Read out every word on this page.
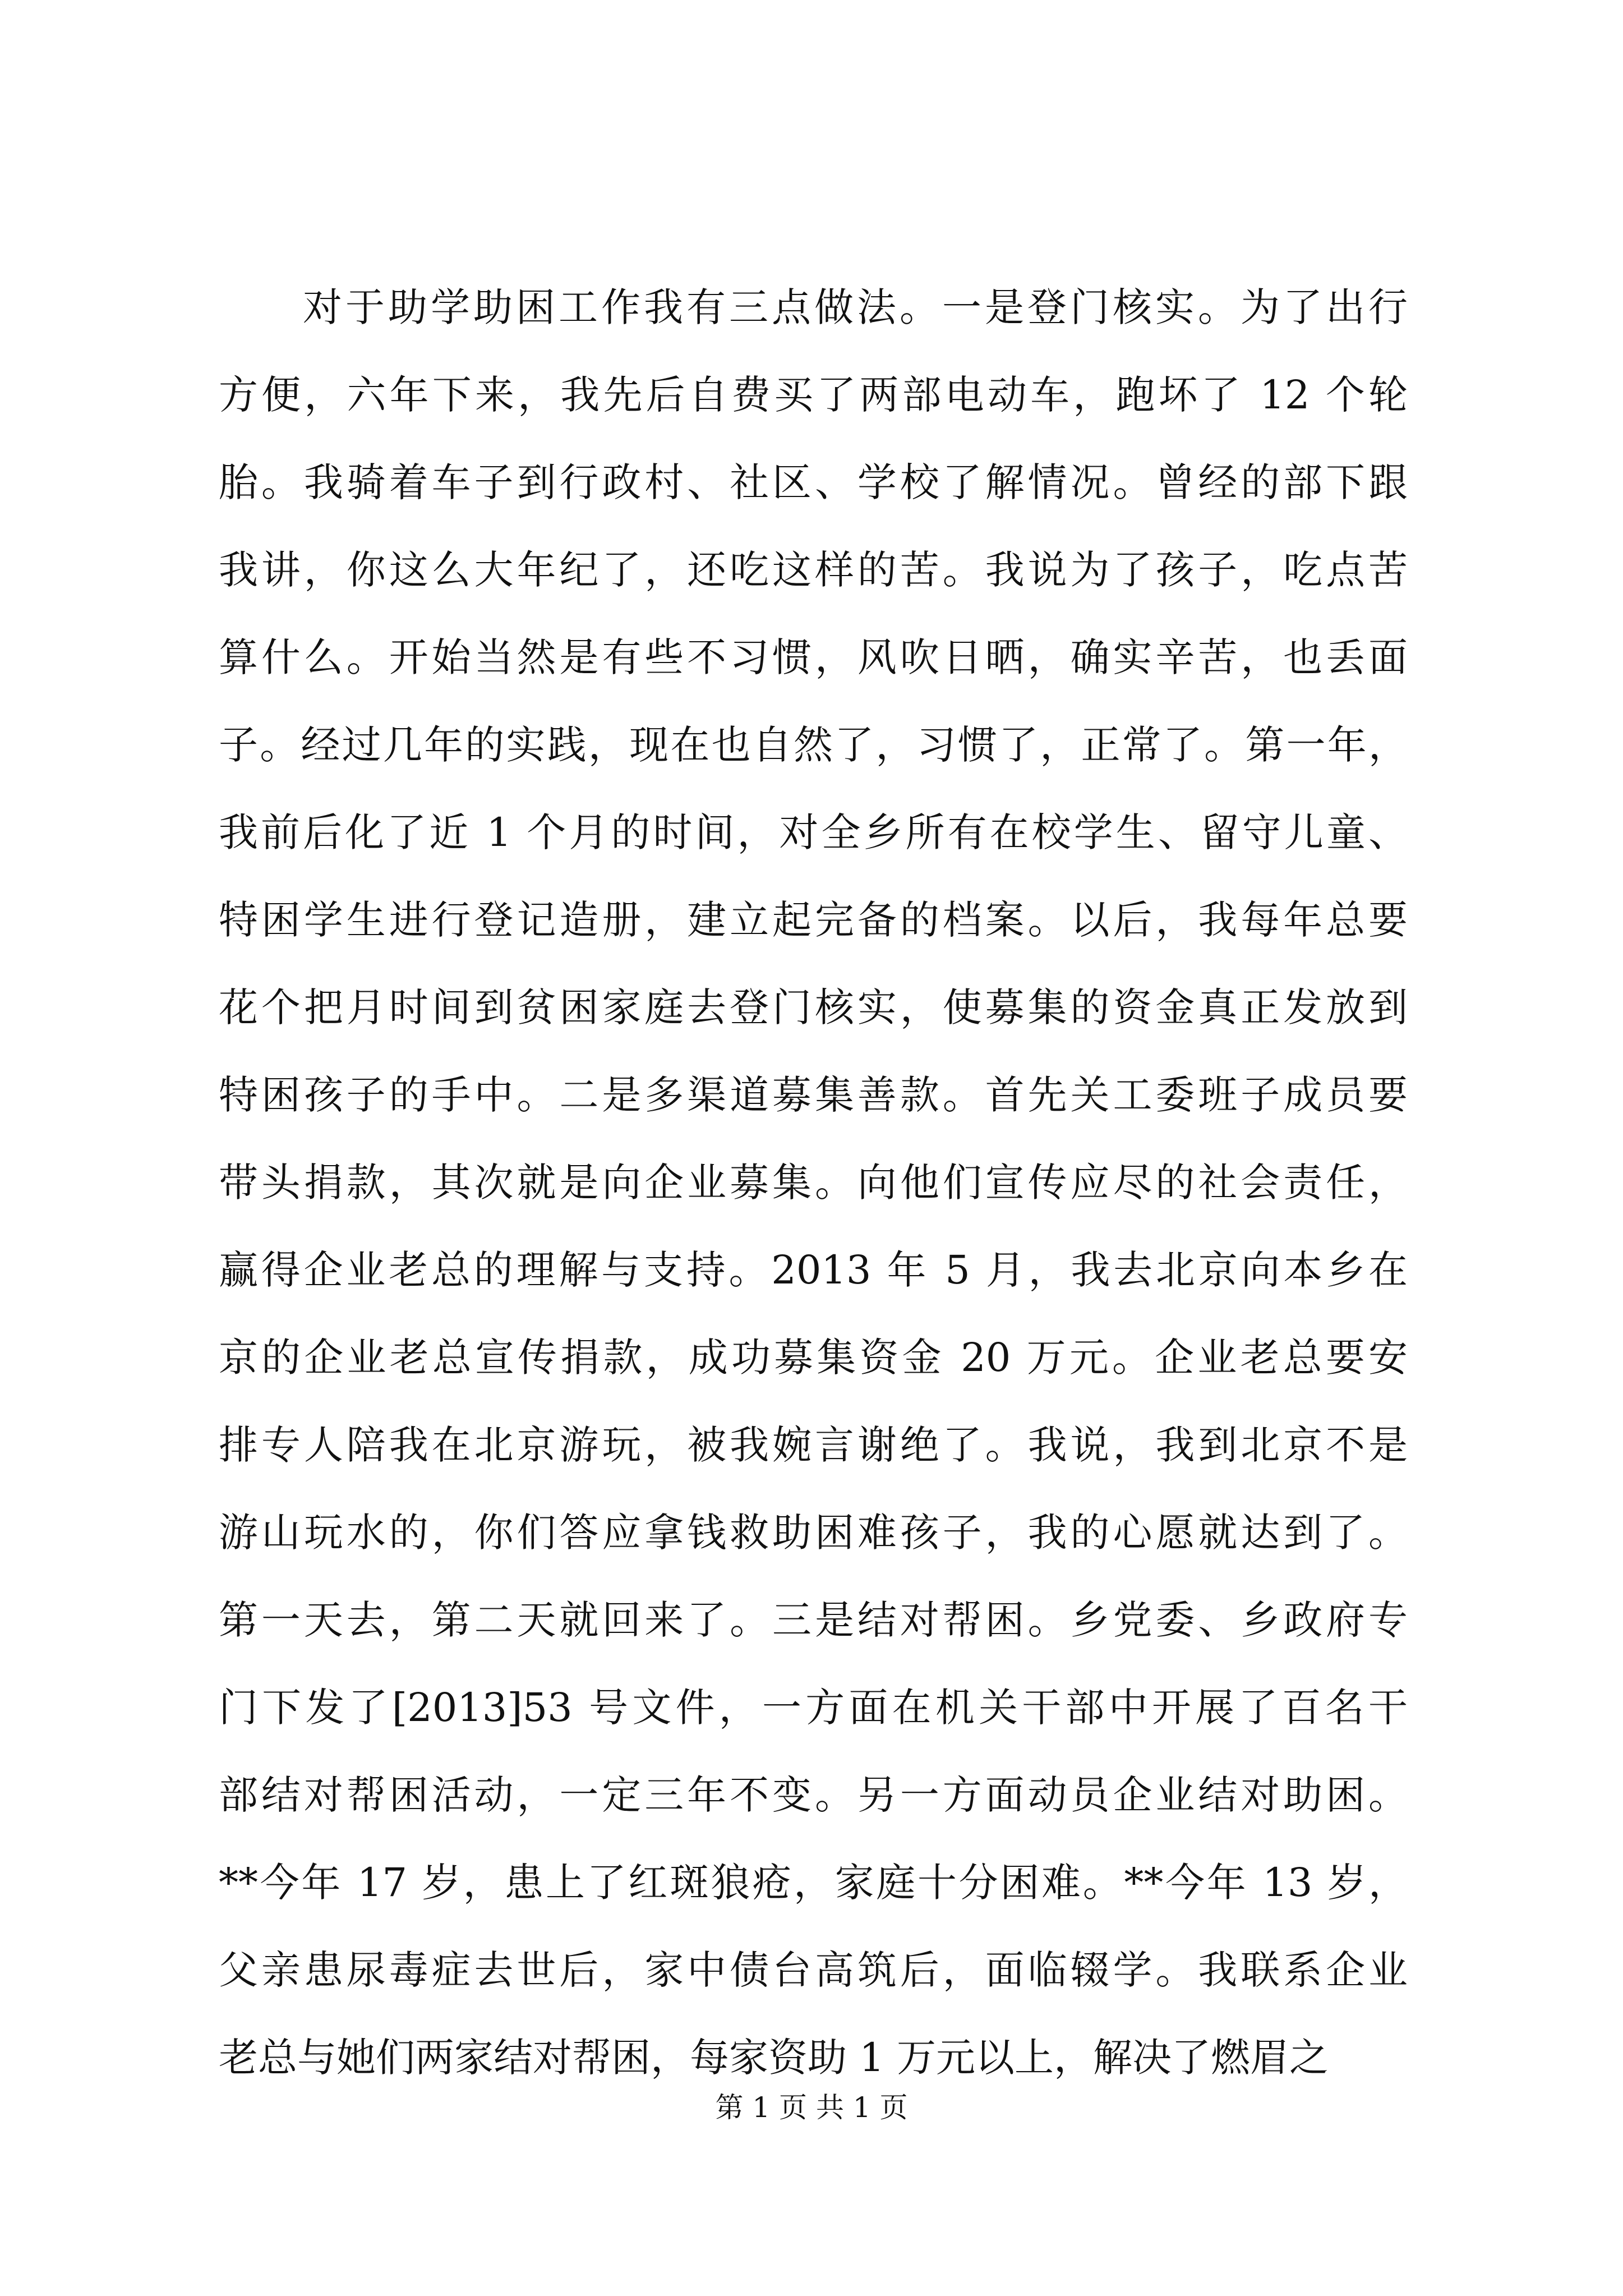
对于助学助困工作我有三点做法。一是登门核实。为了出行
方便，六年下来，我先后自费买了两部电动车，跑坏了 12 个轮
胎。我骑着车子到行政村、社区、学校了解情况。曾经的部下跟
我讲，你这么大年纪了，还吃这样的苦。我说为了孩子，吃点苦
算什么。开始当然是有些不习惯，风吹日晒，确实辛苦，也丢面
子。经过几年的实践，现在也自然了，习惯了，正常了。第一年，
我前后化了近 1 个月的时间，对全乡所有在校学生、留守儿童、
特困学生进行登记造册，建立起完备的档案。以后，我每年总要
花个把月时间到贫困家庭去登门核实，使募集的资金真正发放到
特困孩子的手中。二是多渠道募集善款。首先关工委班子成员要
带头捐款，其次就是向企业募集。向他们宣传应尽的社会责任，
赢得企业老总的理解与支持。2013 年 5 月，我去北京向本乡在
京的企业老总宣传捐款，成功募集资金 20 万元。企业老总要安
排专人陪我在北京游玩，被我婉言谢绝了。我说，我到北京不是
游山玩水的，你们答应拿钱救助困难孩子，我的心愿就达到了。
第一天去，第二天就回来了。三是结对帮困。乡党委、乡政府专
门下发了[2013]53 号文件，一方面在机关干部中开展了百名干
部结对帮困活动，一定三年不变。另一方面动员企业结对助困。
**今年 17 岁，患上了红斑狼疮，家庭十分困难。**今年 13 岁，
父亲患尿毒症去世后，家中债台高筑后，面临辍学。我联系企业
老总与她们两家结对帮困，每家资助 1 万元以上，解决了燃眉之
第 1 页 共 1 页
